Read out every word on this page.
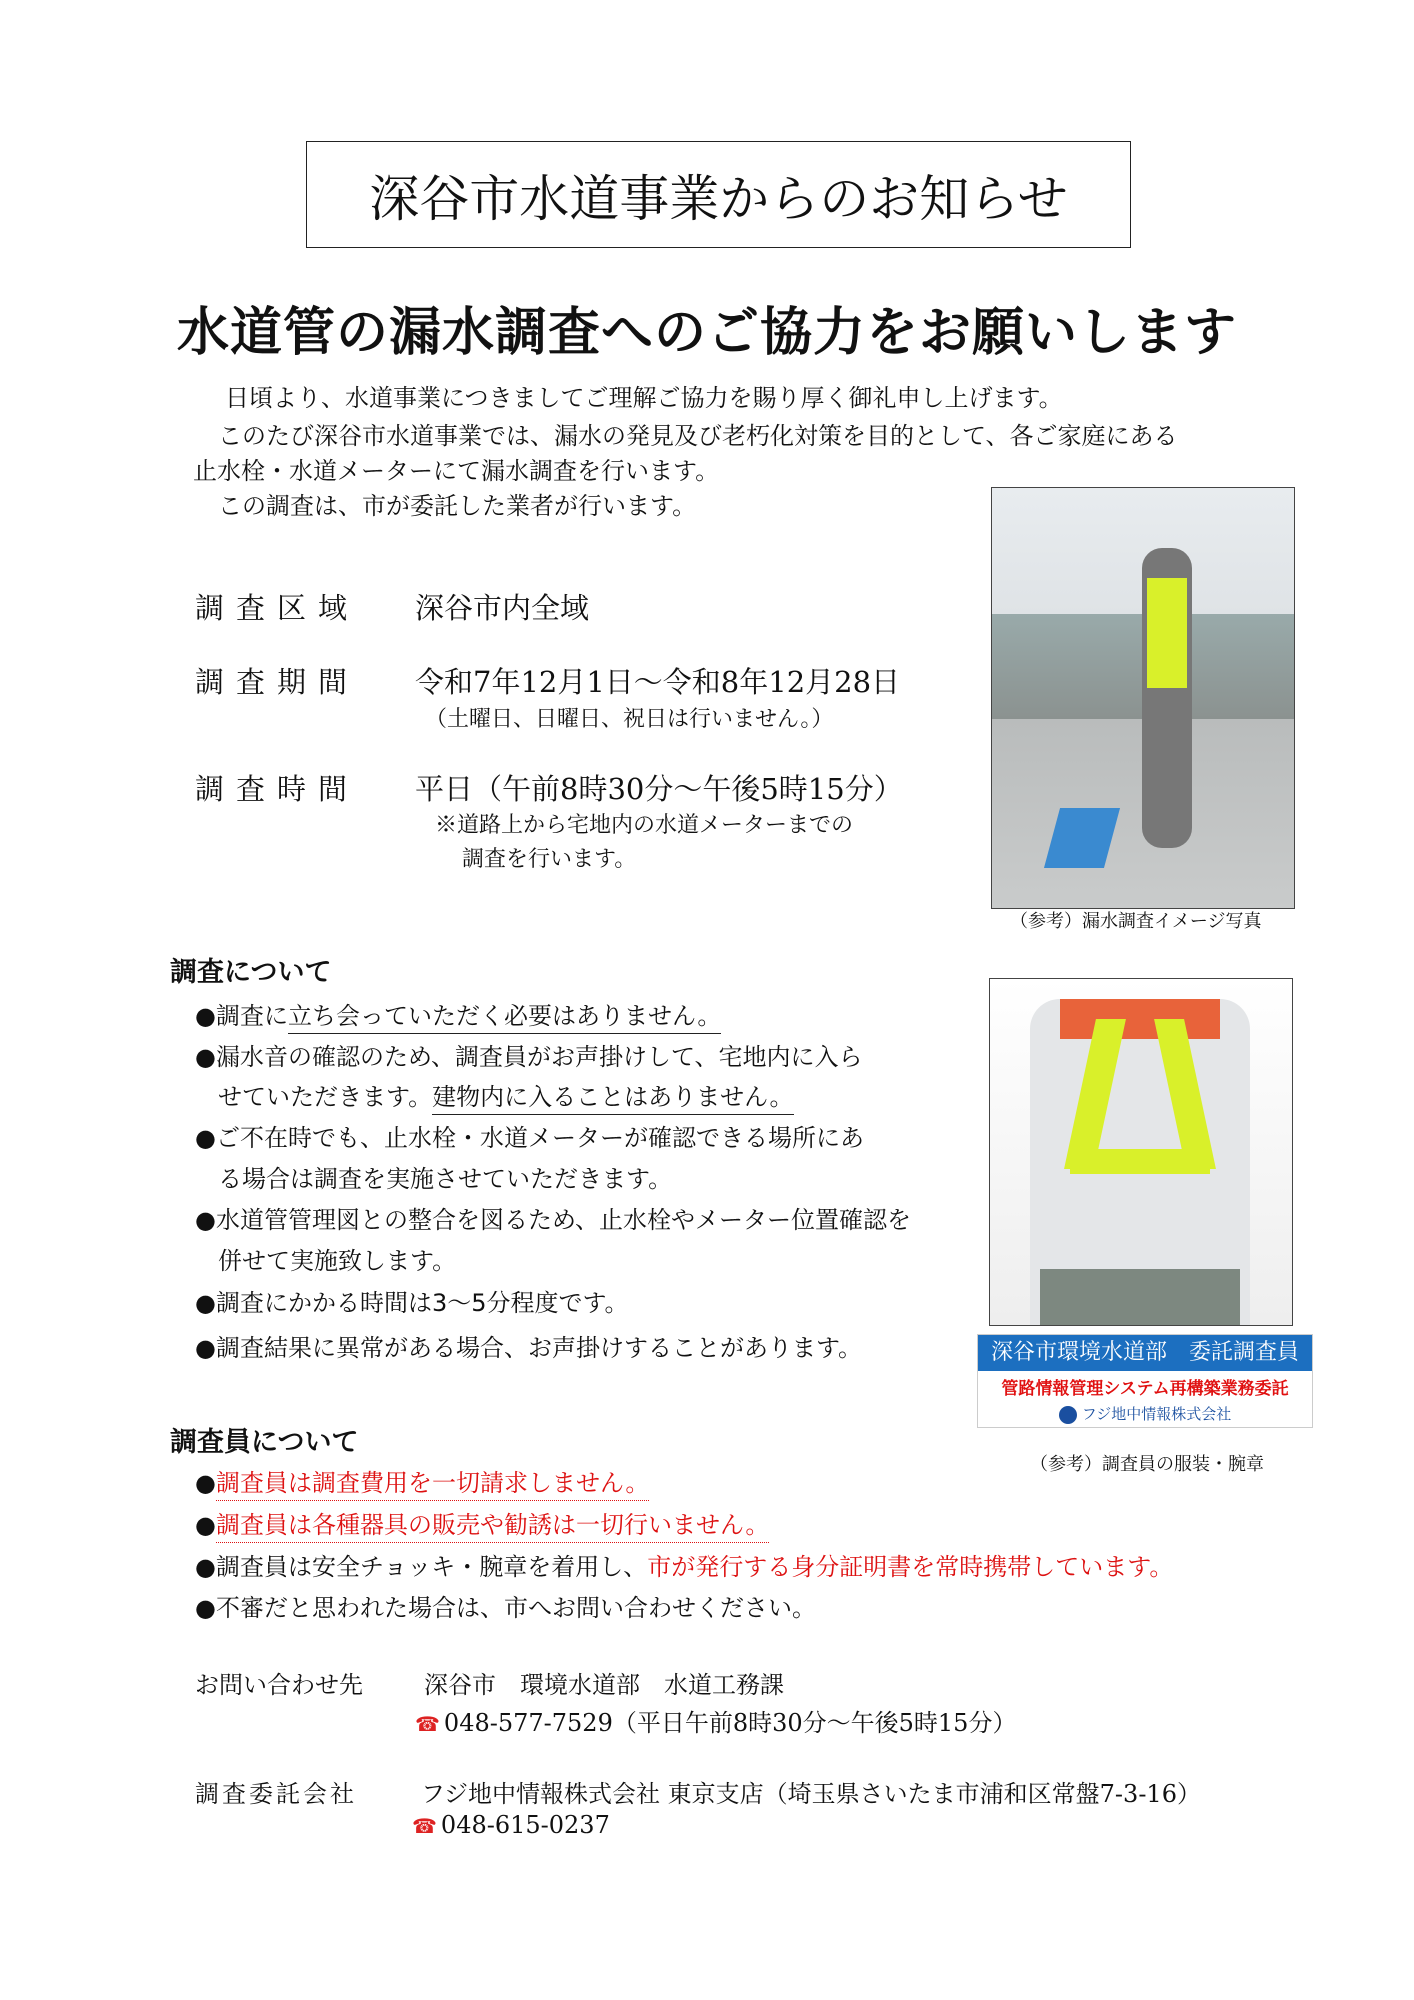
深谷市水道事業からのお知らせ
水道管の漏水調査へのご協力をお願いします
日頃より、水道事業につきましてご理解ご協力を賜り厚く御礼申し上げます。
このたび深谷市水道事業では、漏水の発見及び老朽化対策を目的として、各ご家庭にある
止水栓・水道メーターにて漏水調査を行います。
この調査は、市が委託した業者が行います。
（参考）漏水調査イメージ写真
調査区域 深谷市内全域
調査期間 令和7年12月1日～令和8年12月28日
（土曜日、日曜日、祝日は行いません。）
調査時間 平日（午前8時30分～午後5時15分）
※道路上から宅地内の水道メーターまでの
調査を行います。
調査について
●調査に立ち会っていただく必要はありません。
●漏水音の確認のため、調査員がお声掛けして、宅地内に入ら
せていただきます。建物内に入ることはありません。
●ご不在時でも、止水栓・水道メーターが確認できる場所にあ
る場合は調査を実施させていただきます。
●水道管管理図との整合を図るため、止水栓やメーター位置確認を
併せて実施致します。
●調査にかかる時間は3～5分程度です。
●調査結果に異常がある場合、お声掛けすることがあります。	深谷市環境水道部　委託調査員
管路情報管理システム再構築業務委託
フジ地中情報株式会社
（参考）調査員の服装・腕章
調査員について
●調査員は調査費用を一切請求しません。
●調査員は各種器具の販売や勧誘は一切行いません。
●調査員は安全チョッキ・腕章を着用し、市が発行する身分証明書を常時携帯しています。
●不審だと思われた場合は、市へお問い合わせください。
お問い合わせ先	深谷市　環境水道部　水道工務課
☎ 048-577-7529（平日午前8時30分～午後5時15分）
調査委託会社	フジ地中情報株式会社 東京支店（埼玉県さいたま市浦和区常盤7-3-16）
☎ 048-615-0237
